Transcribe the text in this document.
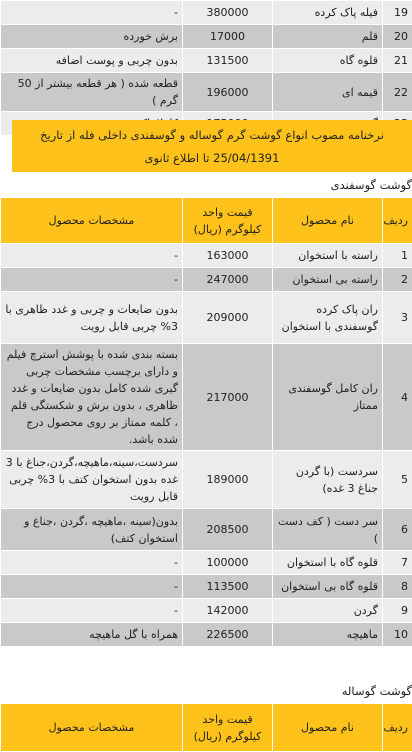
19	فیله پاک کرده	380000	-
20	قلم	17000	برش خورده
21	قلوه گاه	131500	بدون چربی و پوست اضافه
22	قیمه ای	196000	قطعه شده ( هر قطعه بیشتر از 50 گرم )

نرخنامه مصوب انواع گوشت گرم گوساله و گوسفندی داخلی فله از تاریخ 25/04/1391 تا اطلاع ثانوی
گوشت گوسفندی
ردیف	نام محصول	قیمت واحد کیلوگرم (ریال)	مشخصات محصول
1	راسته با استخوان	163000	-
2	راسته بی استخوان	247000	-
3	ران پاک کرده گوسفندی با استخوان	209000	بدون ضایعات و چربی و غدد ظاهری با 3% چربی قابل رویت
4	ران کامل گوسفندی ممتاز	217000	بسته بندی شده با پوشش استرچ فیلم و دارای برچسب مشخصات چربی گیری شده کامل بدون ضایعات و غدد ظاهری ، بدون برش و شکستگی قلم ، کلمه ممتاز بر روی محصول درج شده باشد.
5	سردست (با گردن جناغ 3 غده)	189000	سردست،سینه،ماهیچه،گردن،جناغ با 3 غده بدون استخوان کتف با 3% چربی قابل رویت
6	سر دست ( کف دست )	208500	بدون(سینه ،ماهیچه ،گردن ،جناغ و استخوان کتف)
7	قلوه گاه با استخوان	100000	-
8	قلوه گاه بی استخوان	113500	-
9	گردن	142000	-
10	ماهیچه	226500	همراه با گل ماهیچه
گوشت گوساله
ردیف	نام محصول	قیمت واحد کیلوگرم (ریال)	مشخصات محصول
